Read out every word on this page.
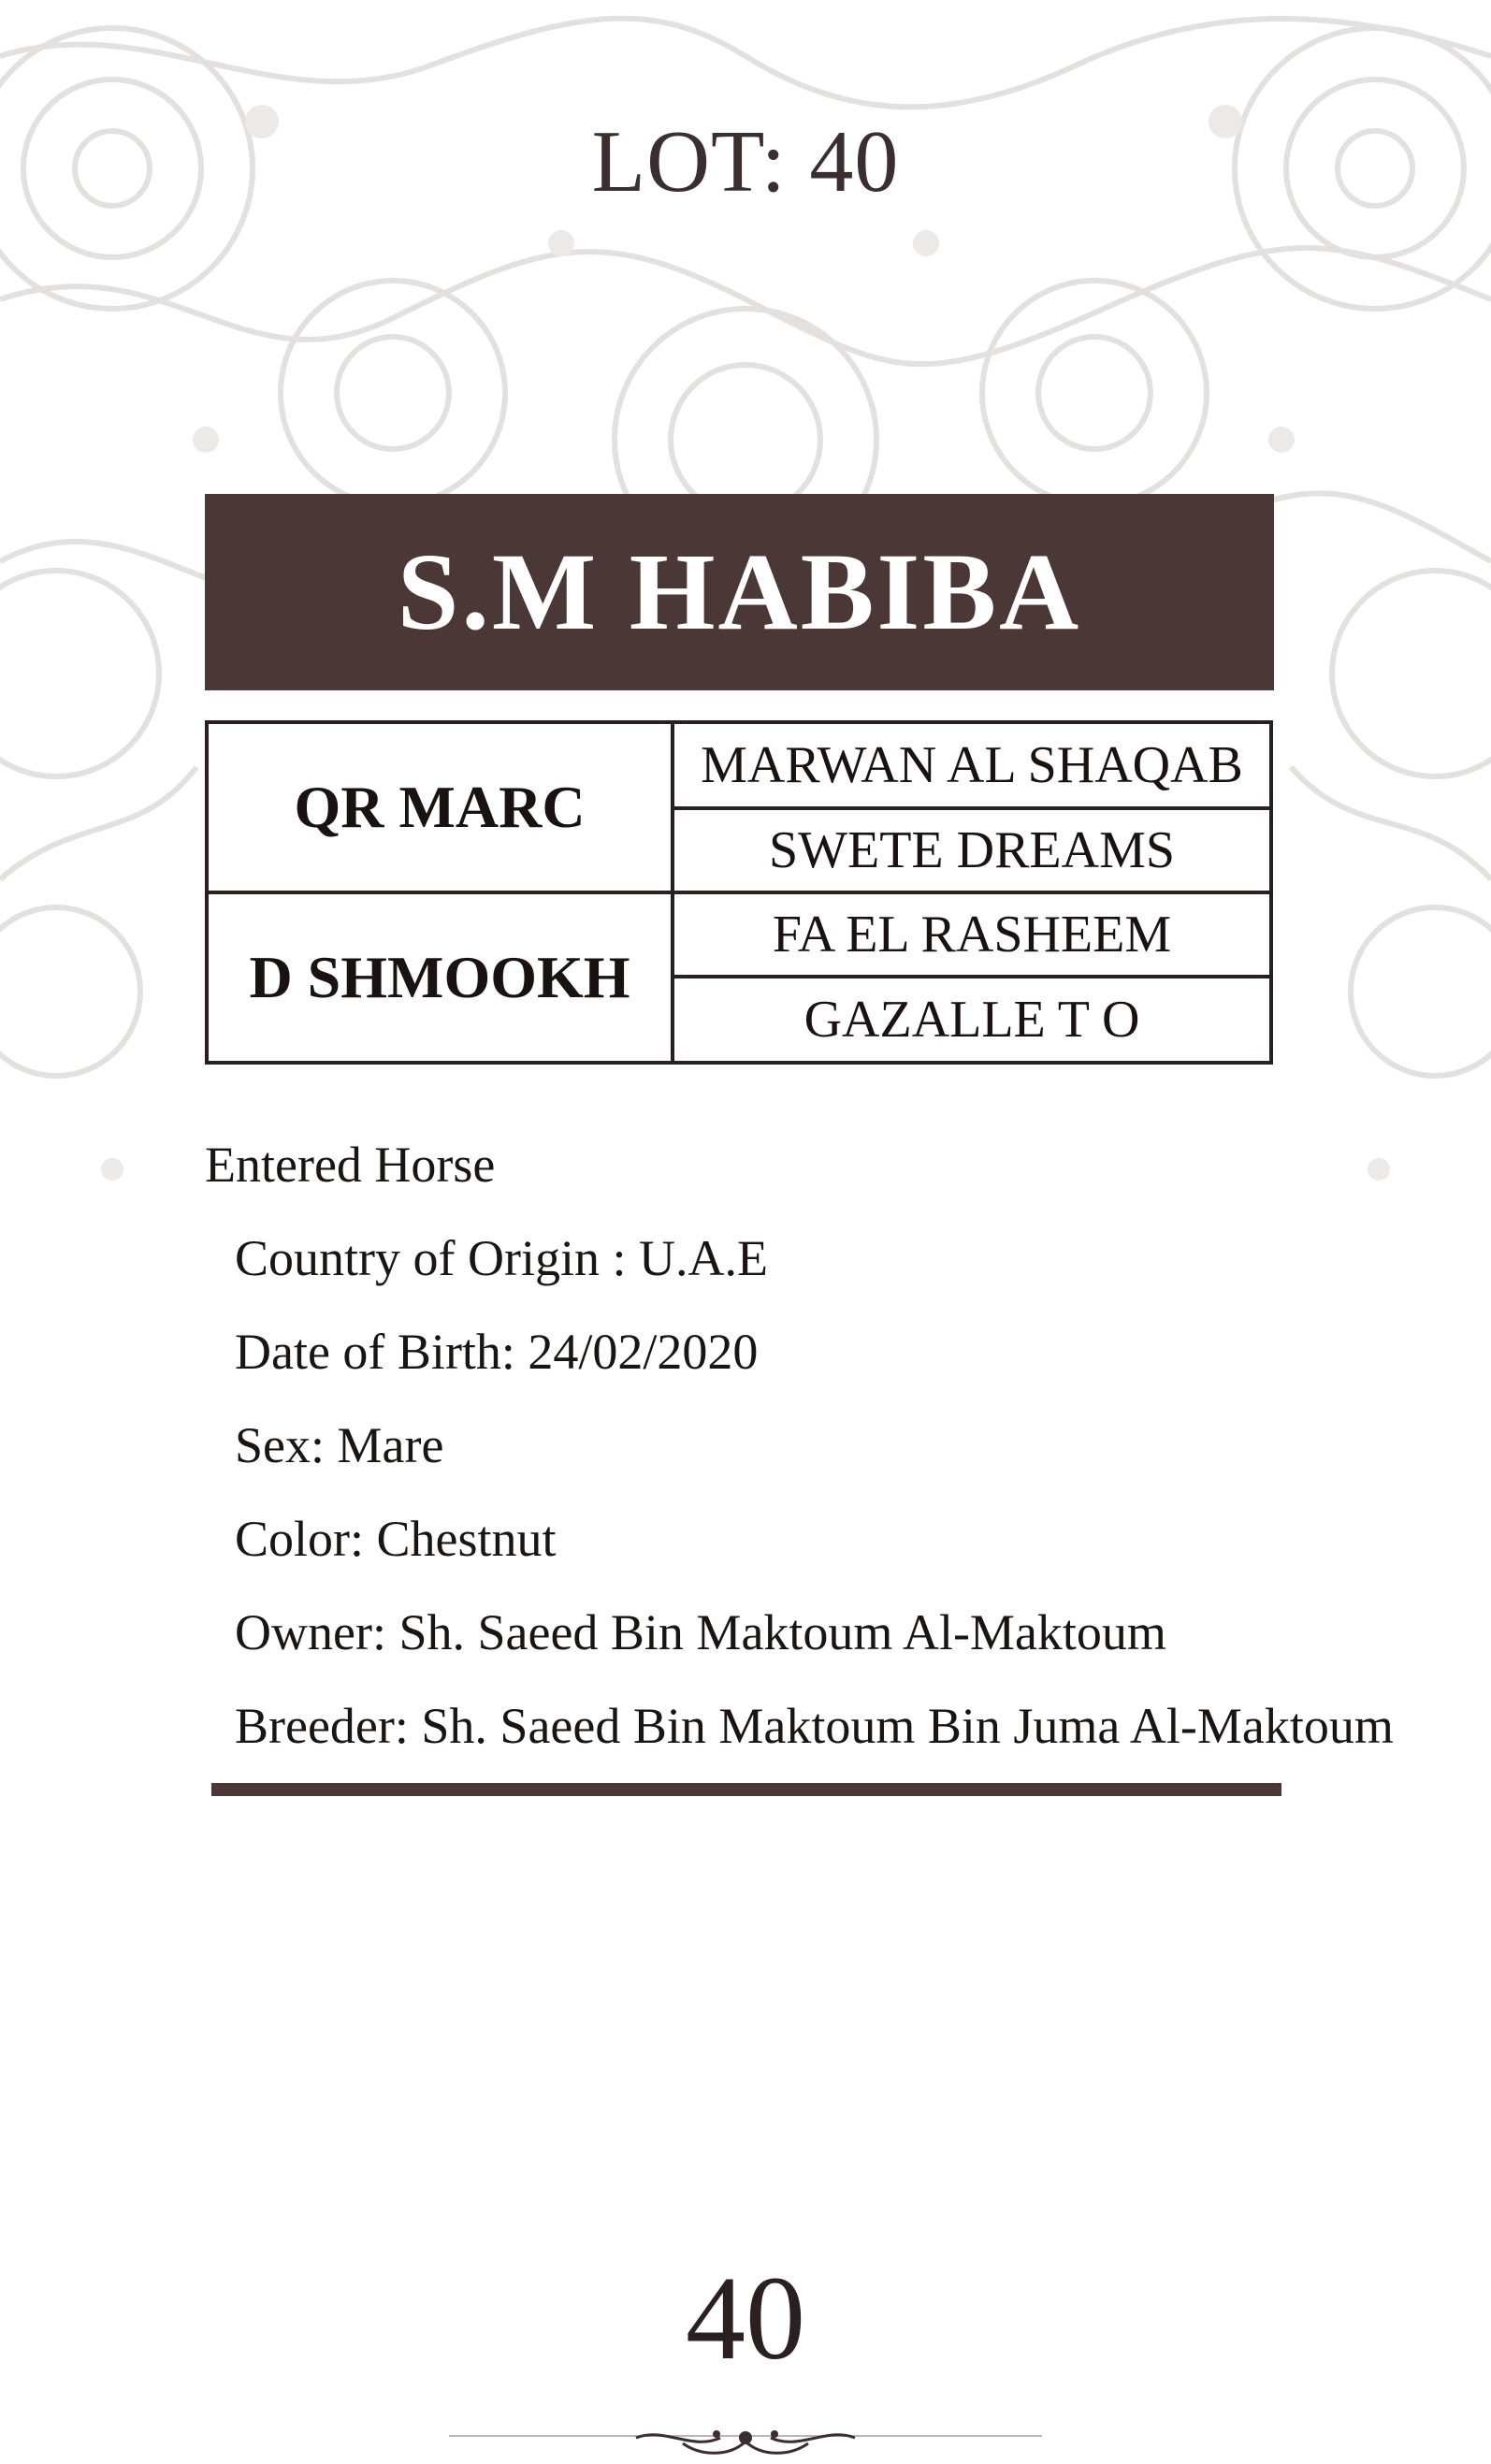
LOT: 40
S.M HABIBA
QR MARC
MARWAN AL SHAQAB
SWETE DREAMS
D SHMOOKH
FA EL RASHEEM
GAZALLE T O
Entered Horse
Country of Origin : U.A.E
Date of Birth: 24/02/2020
Sex: Mare
Color: Chestnut
Owner: Sh. Saeed Bin Maktoum Al-Maktoum
Breeder: Sh. Saeed Bin Maktoum Bin Juma Al-Maktoum
40
